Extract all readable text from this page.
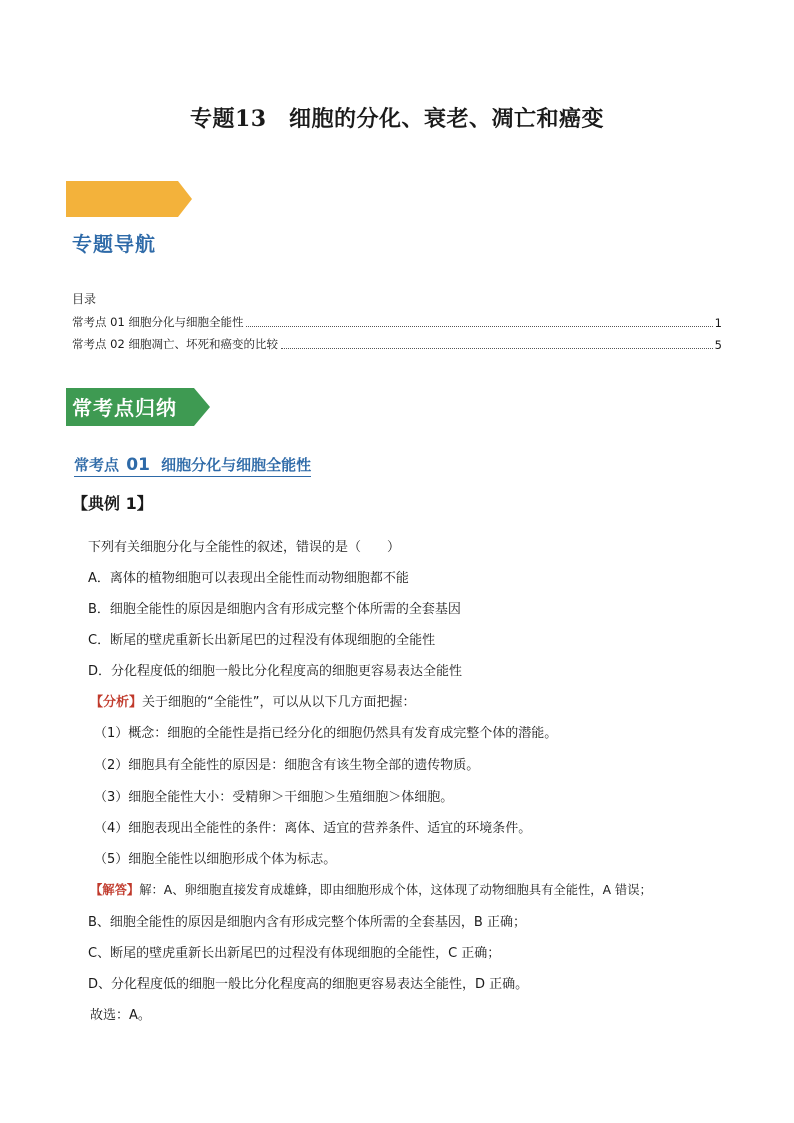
专题13　细胞的分化、衰老、凋亡和癌变
专题导航
目录
常考点 01 细胞分化与细胞全能性	1
常考点 02 细胞凋亡、坏死和癌变的比较	5
常考点归纳
常考点 01 细胞分化与细胞全能性
【典例 1】
下列有关细胞分化与全能性的叙述，错误的是（　　）
A．离体的植物细胞可以表现出全能性而动物细胞都不能
B．细胞全能性的原因是细胞内含有形成完整个体所需的全套基因
C．断尾的壁虎重新长出新尾巴的过程没有体现细胞的全能性
D．分化程度低的细胞一般比分化程度高的细胞更容易表达全能性
【分析】关于细胞的“全能性”，可以从以下几方面把握：
（1）概念：细胞的全能性是指已经分化的细胞仍然具有发育成完整个体的潜能。
（2）细胞具有全能性的原因是：细胞含有该生物全部的遗传物质。
（3）细胞全能性大小：受精卵＞干细胞＞生殖细胞＞体细胞。
（4）细胞表现出全能性的条件：离体、适宜的营养条件、适宜的环境条件。
（5）细胞全能性以细胞形成个体为标志。
【解答】解：A、卵细胞直接发育成雄蜂，即由细胞形成个体，这体现了动物细胞具有全能性，A 错误；
B、细胞全能性的原因是细胞内含有形成完整个体所需的全套基因，B 正确；
C、断尾的壁虎重新长出新尾巴的过程没有体现细胞的全能性，C 正确；
D、分化程度低的细胞一般比分化程度高的细胞更容易表达全能性，D 正确。
故选：A。
